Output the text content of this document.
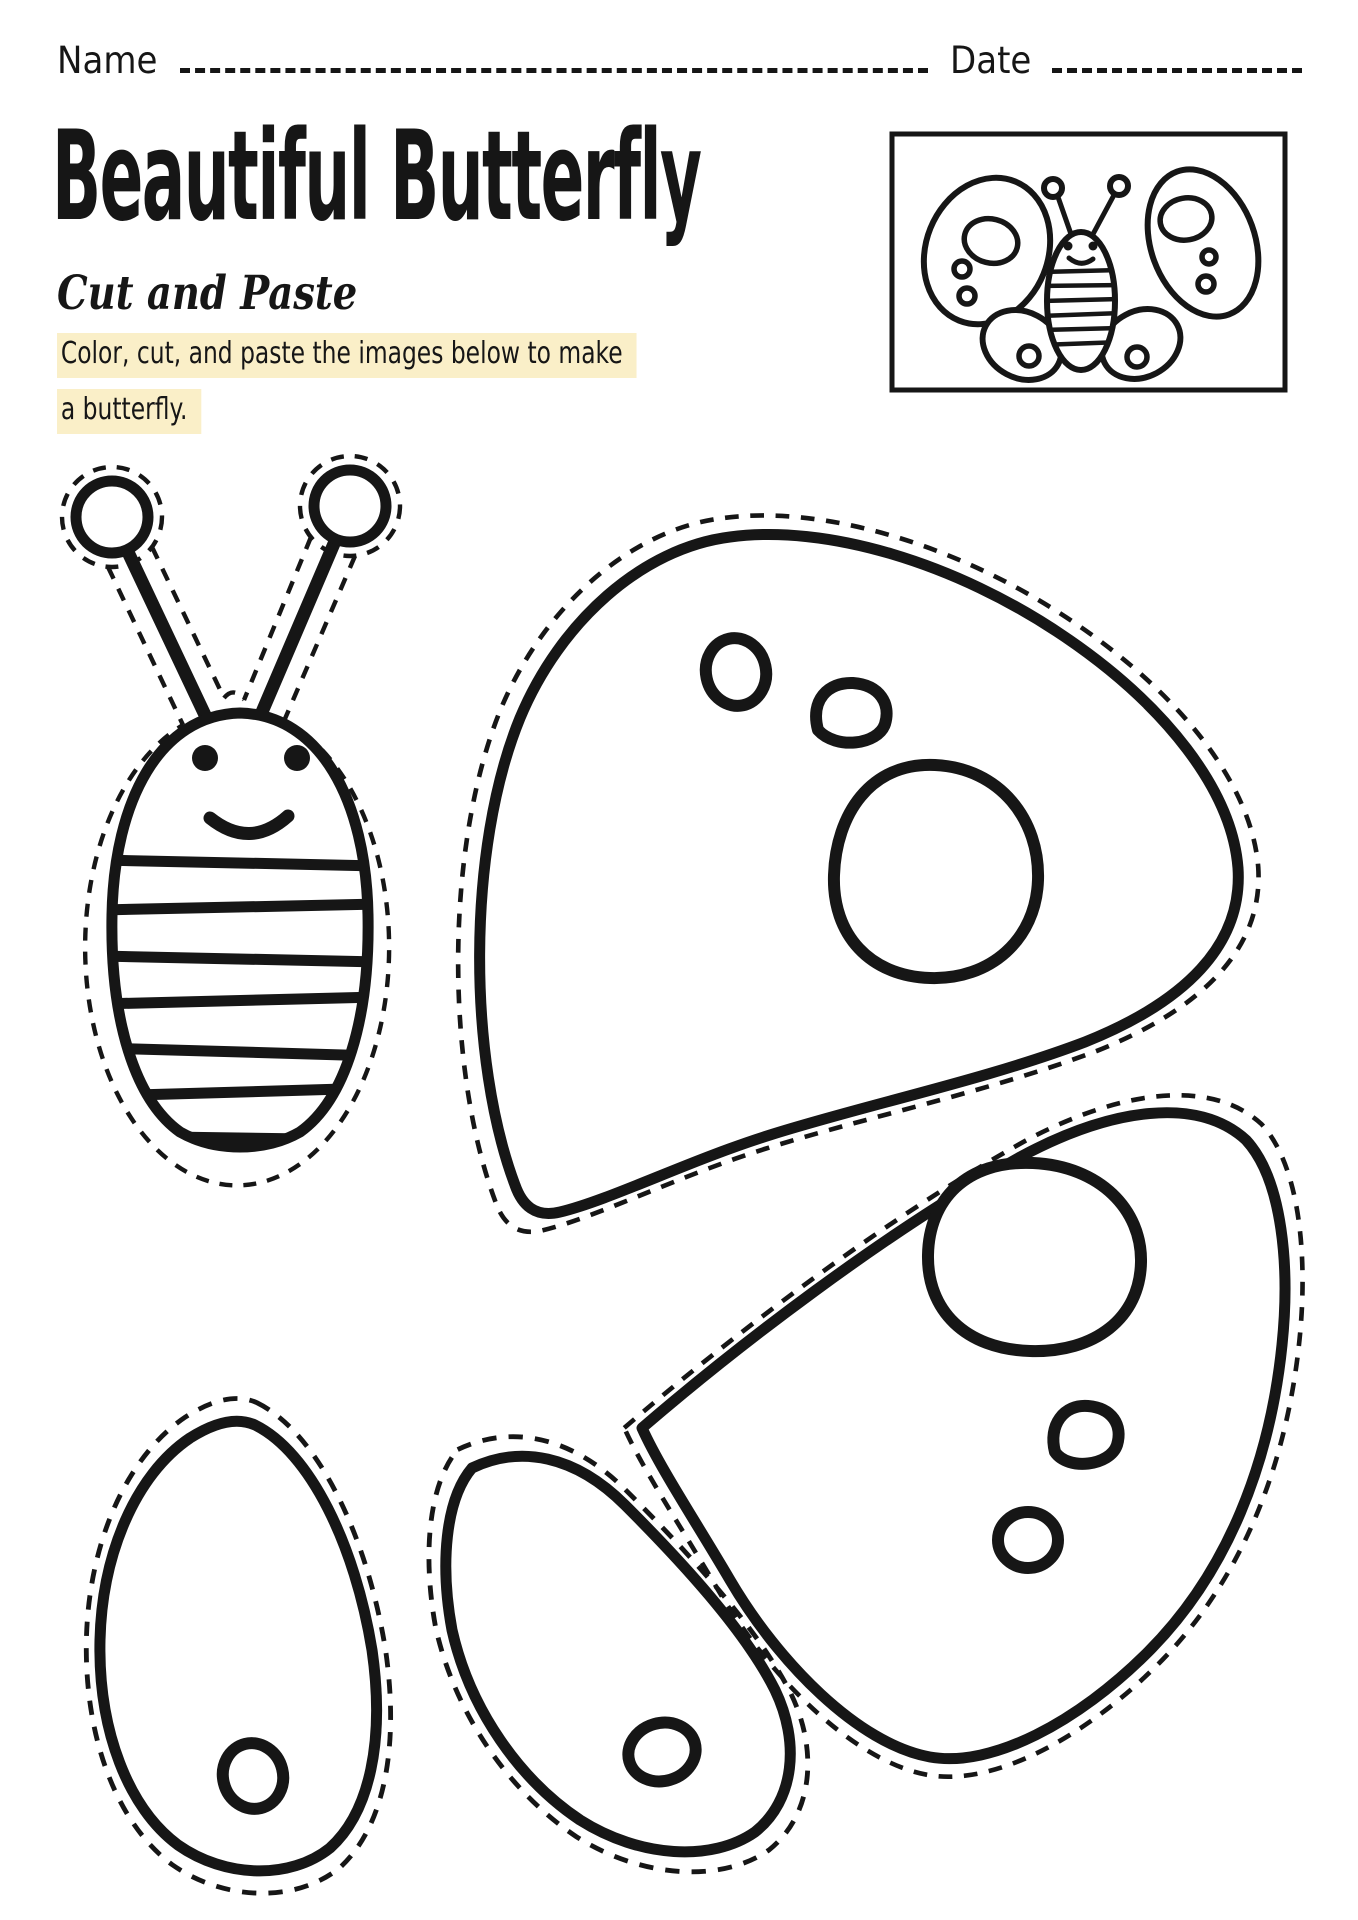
Name	Date
Beautiful Butterfly
Cut and Paste
Color, cut, and paste the images below to make
a butterfly.
